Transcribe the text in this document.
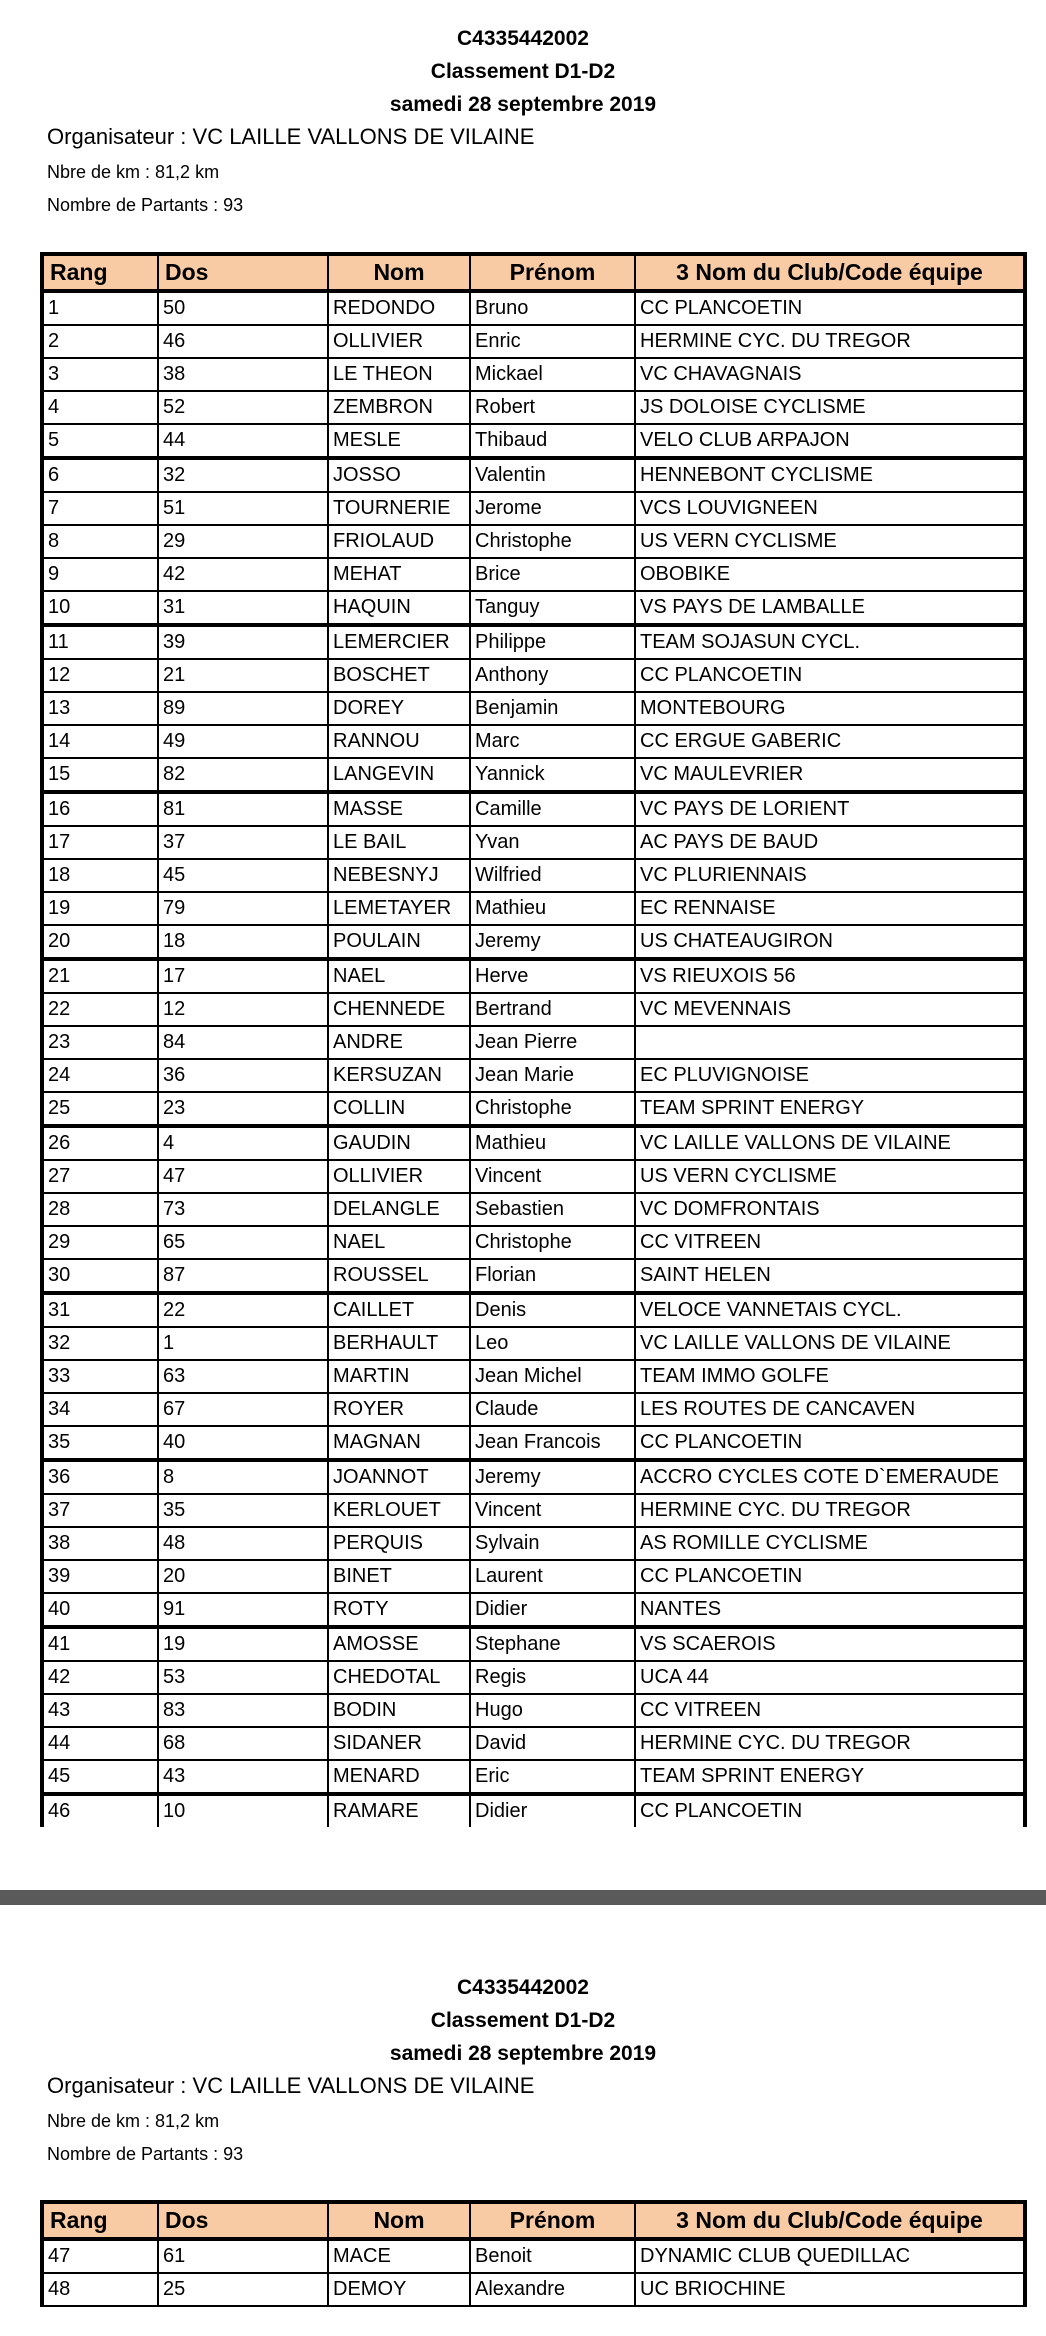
C4335442002
Classement D1-D2
samedi 28 septembre 2019
Organisateur : VC LAILLE VALLONS DE VILAINE
Nbre de km : 81,2 km
Nombre de Partants : 93
Rang	Dos	Nom	Prénom	3 Nom du Club/Code équipe
1	50	REDONDO	Bruno	CC PLANCOETIN
2	46	OLLIVIER	Enric	HERMINE CYC. DU TREGOR
3	38	LE THEON	Mickael	VC CHAVAGNAIS
4	52	ZEMBRON	Robert	JS DOLOISE CYCLISME
5	44	MESLE	Thibaud	VELO CLUB ARPAJON
6	32	JOSSO	Valentin	HENNEBONT CYCLISME
7	51	TOURNERIE	Jerome	VCS LOUVIGNEEN
8	29	FRIOLAUD	Christophe	US VERN CYCLISME
9	42	MEHAT	Brice	OBOBIKE
10	31	HAQUIN	Tanguy	VS PAYS DE LAMBALLE
11	39	LEMERCIER	Philippe	TEAM SOJASUN CYCL.
12	21	BOSCHET	Anthony	CC PLANCOETIN
13	89	DOREY	Benjamin	MONTEBOURG
14	49	RANNOU	Marc	CC ERGUE GABERIC
15	82	LANGEVIN	Yannick	VC MAULEVRIER
16	81	MASSE	Camille	VC PAYS DE LORIENT
17	37	LE BAIL	Yvan	AC PAYS DE BAUD
18	45	NEBESNYJ	Wilfried	VC PLURIENNAIS
19	79	LEMETAYER	Mathieu	EC RENNAISE
20	18	POULAIN	Jeremy	US CHATEAUGIRON
21	17	NAEL	Herve	VS RIEUXOIS 56
22	12	CHENNEDE	Bertrand	VC MEVENNAIS
23	84	ANDRE	Jean Pierre	
24	36	KERSUZAN	Jean Marie	EC PLUVIGNOISE
25	23	COLLIN	Christophe	TEAM SPRINT ENERGY
26	4	GAUDIN	Mathieu	VC LAILLE VALLONS DE VILAINE
27	47	OLLIVIER	Vincent	US VERN CYCLISME
28	73	DELANGLE	Sebastien	VC DOMFRONTAIS
29	65	NAEL	Christophe	CC VITREEN
30	87	ROUSSEL	Florian	SAINT HELEN
31	22	CAILLET	Denis	VELOCE VANNETAIS CYCL.
32	1	BERHAULT	Leo	VC LAILLE VALLONS DE VILAINE
33	63	MARTIN	Jean Michel	TEAM IMMO GOLFE
34	67	ROYER	Claude	LES ROUTES DE CANCAVEN
35	40	MAGNAN	Jean Francois	CC PLANCOETIN
36	8	JOANNOT	Jeremy	ACCRO CYCLES COTE D`EMERAUDE
37	35	KERLOUET	Vincent	HERMINE CYC. DU TREGOR
38	48	PERQUIS	Sylvain	AS ROMILLE CYCLISME
39	20	BINET	Laurent	CC PLANCOETIN
40	91	ROTY	Didier	NANTES
41	19	AMOSSE	Stephane	VS SCAEROIS
42	53	CHEDOTAL	Regis	UCA 44
43	83	BODIN	Hugo	CC VITREEN
44	68	SIDANER	David	HERMINE CYC. DU TREGOR
45	43	MENARD	Eric	TEAM SPRINT ENERGY
46	10	RAMARE	Didier	CC PLANCOETIN
C4335442002
Classement D1-D2
samedi 28 septembre 2019
Organisateur : VC LAILLE VALLONS DE VILAINE
Nbre de km : 81,2 km
Nombre de Partants : 93
Rang	Dos	Nom	Prénom	3 Nom du Club/Code équipe
47	61	MACE	Benoit	DYNAMIC CLUB QUEDILLAC
48	25	DEMOY	Alexandre	UC BRIOCHINE
